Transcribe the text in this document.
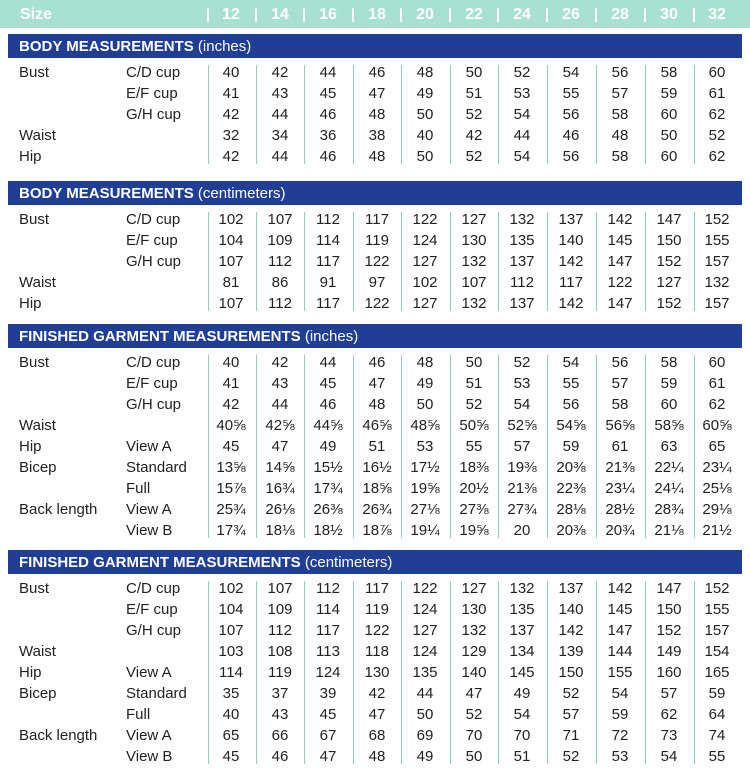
Size	12	14	16	18	20	22	24	26	28	30	32
BODY MEASUREMENTS (inches)
Bust	C/D cup	40	42	44	46	48	50	52	54	56	58	60
E/F cup	41	43	45	47	49	51	53	55	57	59	61
G/H cup	42	44	46	48	50	52	54	56	58	60	62
Waist	32	34	36	38	40	42	44	46	48	50	52
Hip	42	44	46	48	50	52	54	56	58	60	62
BODY MEASUREMENTS (centimeters)
Bust	C/D cup	102	107	112	117	122	127	132	137	142	147	152
E/F cup	104	109	114	119	124	130	135	140	145	150	155
G/H cup	107	112	117	122	127	132	137	142	147	152	157
Waist	81	86	91	97	102	107	112	117	122	127	132
Hip	107	112	117	122	127	132	137	142	147	152	157
FINISHED GARMENT MEASUREMENTS (inches)
Bust	C/D cup	40	42	44	46	48	50	52	54	56	58	60
E/F cup	41	43	45	47	49	51	53	55	57	59	61
G/H cup	42	44	46	48	50	52	54	56	58	60	62
Waist	40⅝	42⅝	44⅝	46⅝	48⅝	50⅝	52⅝	54⅝	56⅝	58⅝	60⅝
Hip	View A	45	47	49	51	53	55	57	59	61	63	65
Bicep	Standard	13⅝	14⅝	15½	16½	17½	18⅜	19⅜	20⅜	21⅜	22¼	23¼
Full	15⅞	16¾	17¾	18⅝	19⅝	20½	21⅜	22⅜	23¼	24¼	25⅛
Back length View A	25¾	26⅛	26⅜	26¾	27⅛	27⅜	27¾	28⅛	28½	28¾	29⅛
View B	17¾	18⅛	18½	18⅞	19¼	19⅝	20	20⅜	20¾	21⅛	21½
FINISHED GARMENT MEASUREMENTS (centimeters)
Bust	C/D cup	102	107	112	117	122	127	132	137	142	147	152
E/F cup	104	109	114	119	124	130	135	140	145	150	155
G/H cup	107	112	117	122	127	132	137	142	147	152	157
Waist	103	108	113	118	124	129	134	139	144	149	154
Hip	View A	114	119	124	130	135	140	145	150	155	160	165
Bicep	Standard	35	37	39	42	44	47	49	52	54	57	59
Full	40	43	45	47	50	52	54	57	59	62	64
Back length View A	65	66	67	68	69	70	70	71	72	73	74
View B	45	46	47	48	49	50	51	52	53	54	55
